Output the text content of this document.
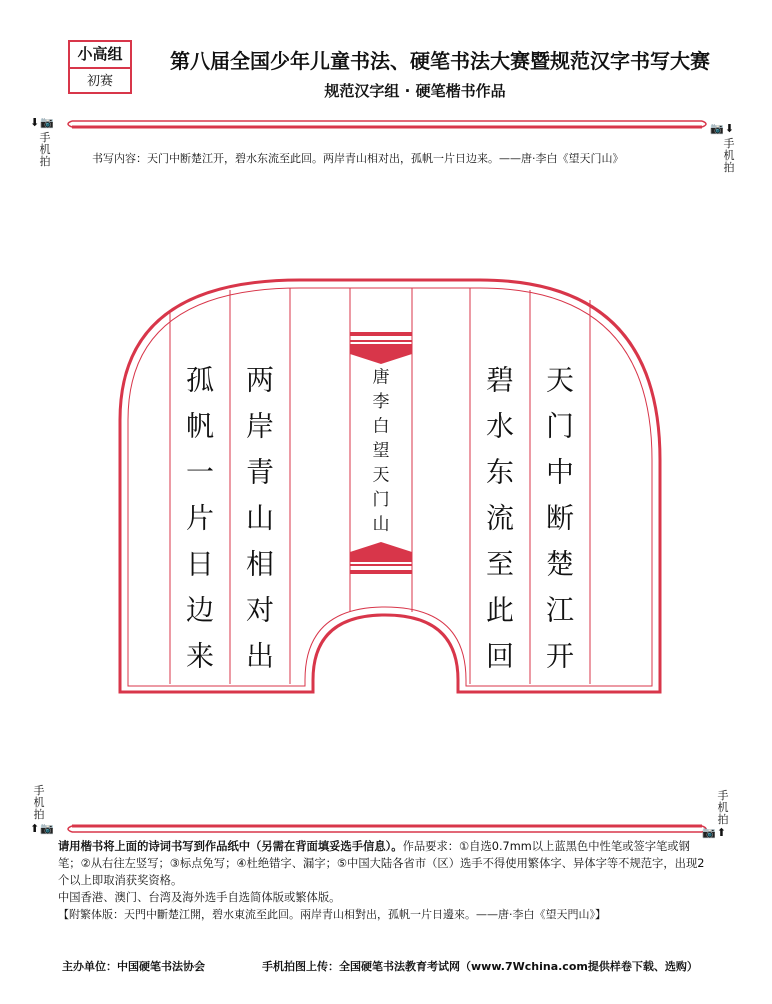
小高组
初赛
第八届全国少年儿童书法、硬笔书法大赛暨规范汉字书写大赛
规范汉字组 · 硬笔楷书作品
⬇📷
手机拍
📷⬇
手机拍
手机拍
⬆📷
手机拍
📷⬆
书写内容：天门中断楚江开，碧水东流至此回。两岸青山相对出，孤帆一片日边来。——唐·李白《望天门山》
天
门
中
断
楚
江
开
碧
水
东
流
至
此
回
唐
李
白
望
天
门
山
两
岸
青
山
相
对
出
孤
帆
一
片
日
边
来

请用楷书将上面的诗词书写到作品纸中（另需在背面填妥选手信息）。作品要求：①自选0.7mm以上蓝黑色中性笔或签字笔或钢笔；②从右往左竖写；③标点免写；④杜绝错字、漏字；⑤中国大陆各省市（区）选手不得使用繁体字、异体字等不规范字，出现2个以上即取消获奖资格。

中国香港、澳门、台湾及海外选手自选简体版或繁体版。

【附繁体版：天門中斷楚江開，碧水東流至此回。兩岸青山相對出，孤帆一片日邊來。——唐·李白《望天門山》】

主办单位：中国硬笔书法协会	手机拍图上传：全国硬笔书法教育考试网（www.7Wchina.com提供样卷下载、选购）
